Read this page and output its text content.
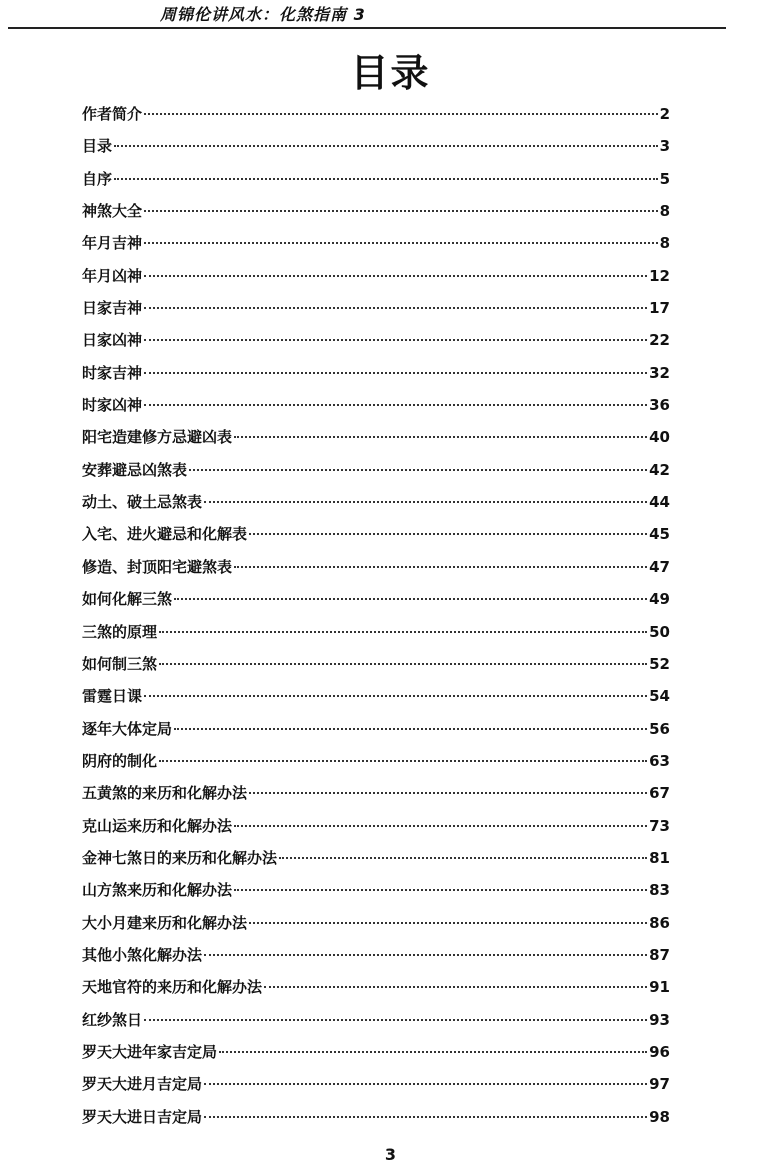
周锦伦讲风水：化煞指南 3
目录
作者简介	2
目录	3
自序	5
神煞大全	8
年月吉神	8
年月凶神	12
日家吉神	17
日家凶神	22
时家吉神	32
时家凶神	36
阳宅造建修方忌避凶表	40
安葬避忌凶煞表	42
动土、破土忌煞表	44
入宅、进火避忌和化解表	45
修造、封顶阳宅避煞表	47
如何化解三煞	49
三煞的原理	50
如何制三煞	52
雷霆日课	54
逐年大体定局	56
阴府的制化	63
五黄煞的来历和化解办法	67
克山运来历和化解办法	73
金神七煞日的来历和化解办法	81
山方煞来历和化解办法	83
大小月建来历和化解办法	86
其他小煞化解办法	87
天地官符的来历和化解办法	91
红纱煞日	93
罗天大进年家吉定局	96
罗天大进月吉定局	97
罗天大进日吉定局	98
3
